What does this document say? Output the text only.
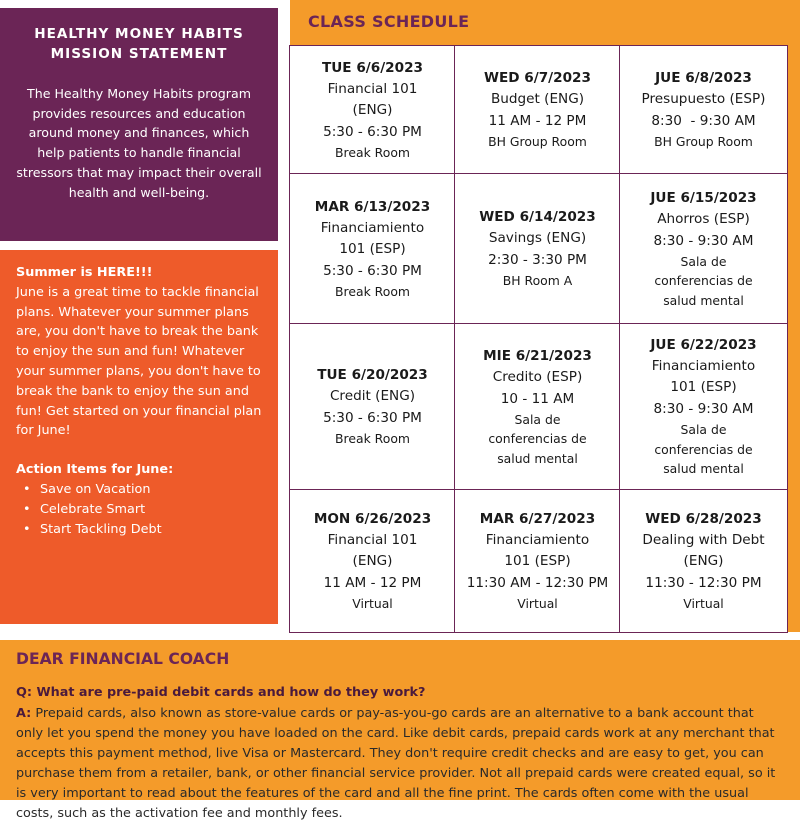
HEALTHY MONEY HABITS
MISSION STATEMENT

The Healthy Money Habits program provides resources and education around money and finances, which help patients to handle financial stressors that may impact their overall health and well-being.

Summer is HERE!!!
June is a great time to tackle financial plans. Whatever your summer plans are, you don't have to break the bank to enjoy the sun and fun! Whatever your summer plans, you don't have to break the bank to enjoy the sun and fun! Get started on your financial plan for June!
Action Items for June:
• Save on Vacation
• Celebrate Smart
• Start Tackling Debt
CLASS SCHEDULE
TUE 6/6/2023
Financial 101 (ENG)
5:30 - 6:30 PM
Break Room
WED 6/7/2023
Budget (ENG)
11 AM - 12 PM
BH Group Room
JUE 6/8/2023
Presupuesto (ESP)
8:30  - 9:30 AM
BH Group Room
MAR 6/13/2023
Financiamiento 101 (ESP)
5:30 - 6:30 PM
Break Room
WED 6/14/2023
Savings (ENG)
2:30 - 3:30 PM
BH Room A
JUE 6/15/2023
Ahorros (ESP)
8:30 - 9:30 AM
Sala de conferencias de salud mental
TUE 6/20/2023
Credit (ENG)
5:30 - 6:30 PM
Break Room
MIE 6/21/2023
Credito (ESP)
10 - 11 AM
Sala de conferencias de salud mental
JUE 6/22/2023
Financiamiento 101 (ESP)
8:30 - 9:30 AM
Sala de conferencias de salud mental
MON 6/26/2023
Financial 101 (ENG)
11 AM - 12 PM
Virtual
MAR 6/27/2023
Financiamiento 101 (ESP)
11:30 AM - 12:30 PM
Virtual
WED 6/28/2023
Dealing with Debt (ENG)
11:30 - 12:30 PM
Virtual
DEAR FINANCIAL COACH
Q: What are pre-paid debit cards and how do they work?
A: Prepaid cards, also known as store-value cards or pay-as-you-go cards are an alternative to a bank account that only let you spend the money you have loaded on the card. Like debit cards, prepaid cards work at any merchant that accepts this payment method, live Visa or Mastercard. They don't require credit checks and are easy to get, you can purchase them from a retailer, bank, or other financial service provider. Not all prepaid cards were created equal, so it is very important to read about the features of the card and all the fine print. The cards often come with the usual costs, such as the activation fee and monthly fees.
